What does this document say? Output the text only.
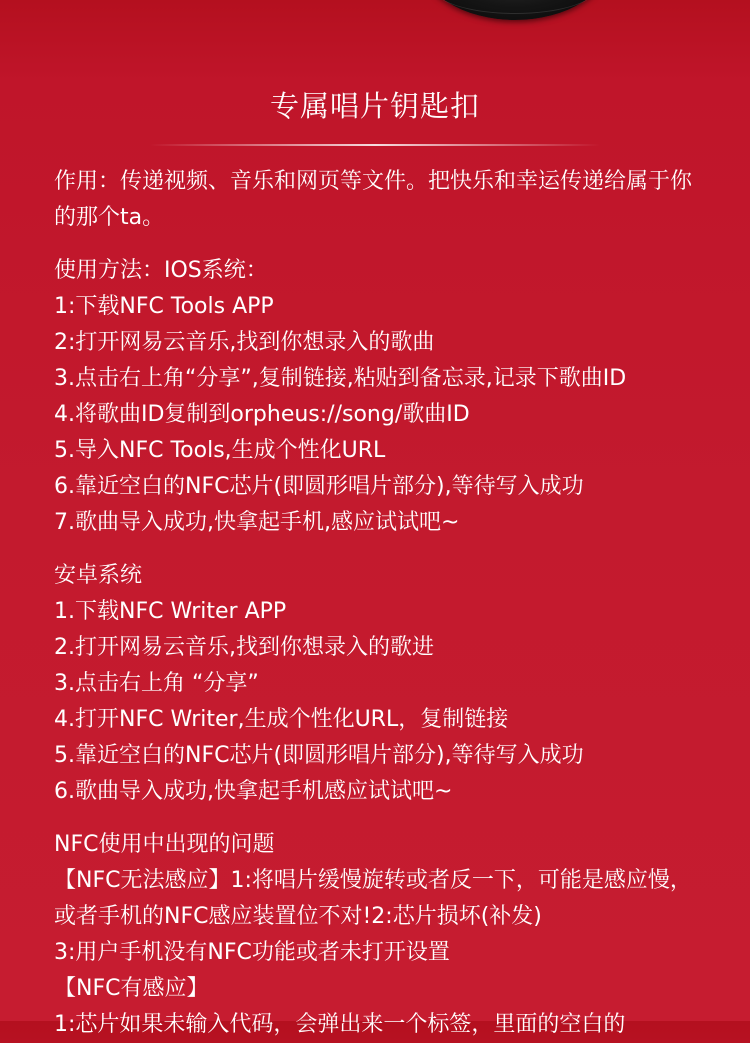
专属唱片钥匙扣

作用：传递视频、音乐和网页等文件。把快乐和幸运传递给属于你的那个ta。

使用方法：IOS系统：

1:下载NFC Tools APP

2:打开网易云音乐,找到你想录入的歌曲

3.点击右上角“分享”,复制链接,粘贴到备忘录,记录下歌曲ID

4.将歌曲ID复制到orpheus://song/歌曲ID

5.导入NFC Tools,生成个性化URL

6.靠近空白的NFC芯片(即圆形唱片部分),等待写入成功

7.歌曲导入成功,快拿起手机,感应试试吧~

安卓系统

1.下载NFC Writer APP

2.打开网易云音乐,找到你想录入的歌进

3.点击右上角 “分享”

4.打开NFC Writer,生成个性化URL，复制链接

5.靠近空白的NFC芯片(即圆形唱片部分),等待写入成功

6.歌曲导入成功,快拿起手机感应试试吧~

NFC使用中出现的问题

【NFC无法感应】1:将唱片缓慢旋转或者反一下，可能是感应慢，或者手机的NFC感应装置位不对!2:芯片损坏(补发)

3:用户手机没有NFC功能或者未打开设置

【NFC有感应】

1:芯片如果未输入代码，会弹出来一个标签，里面的空白的
